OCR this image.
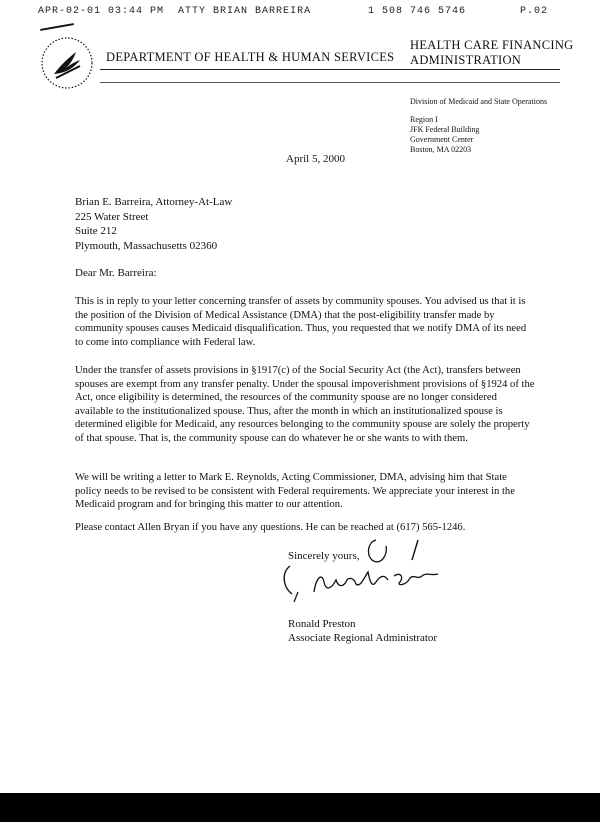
APR-02-01 03:44 PM ATTY BRIAN BARREIRA	1 508 746 5746	P.02
DEPARTMENT OF HEALTH & HUMAN SERVICES
HEALTH CARE FINANCING
ADMINISTRATION
Division of Medicaid and State Operations
Region I
JFK Federal Building
Government Center
Boston, MA 02203
April 5, 2000
Brian E. Barreira, Attorney-At-Law
225 Water Street
Suite 212
Plymouth, Massachusetts 02360
Dear Mr. Barreira:

This is in reply to your letter concerning transfer of assets by community spouses. You advised us that it is the position of the Division of Medical Assistance (DMA) that the post-eligibility transfer made by community spouses causes Medicaid disqualification. Thus, you requested that we notify DMA of its need to come into compliance with Federal law.

Under the transfer of assets provisions in §1917(c) of the Social Security Act (the Act), transfers between spouses are exempt from any transfer penalty. Under the spousal impoverishment provisions of §1924 of the Act, once eligibility is determined, the resources of the community spouse are no longer considered available to the institutionalized spouse. Thus, after the month in which an institutionalized spouse is determined eligible for Medicaid, any resources belonging to the community spouse are solely the property of that spouse. That is, the community spouse can do whatever he or she wants to with them.

We will be writing a letter to Mark E. Reynolds, Acting Commissioner, DMA, advising him that State policy needs to be revised to be consistent with Federal requirements. We appreciate your interest in the Medicaid program and for bringing this matter to our attention.

Please contact Allen Bryan if you have any questions. He can be reached at (617) 565-1246.

Sincerely yours,
Ronald Preston
Associate Regional Administrator
